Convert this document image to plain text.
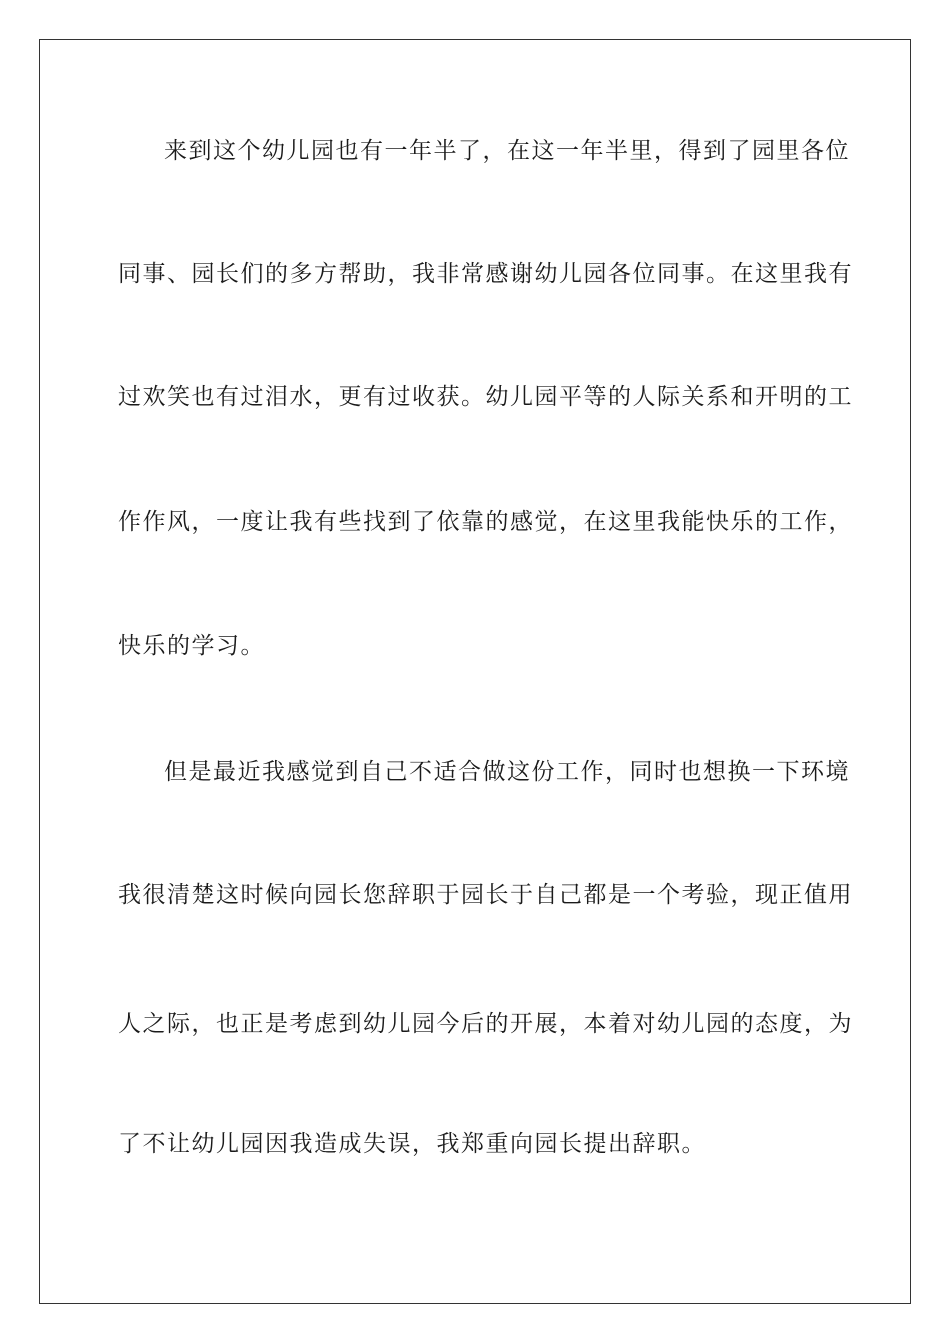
来到这个幼儿园也有一年半了，在这一年半里，得到了园里各位
同事、园长们的多方帮助，我非常感谢幼儿园各位同事。在这里我有
过欢笑也有过泪水，更有过收获。幼儿园平等的人际关系和开明的工
作作风，一度让我有些找到了依靠的感觉，在这里我能快乐的工作，
快乐的学习。
但是最近我感觉到自己不适合做这份工作，同时也想换一下环境
我很清楚这时候向园长您辞职于园长于自己都是一个考验，现正值用
人之际，也正是考虑到幼儿园今后的开展，本着对幼儿园的态度，为
了不让幼儿园因我造成失误，我郑重向园长提出辞职。
